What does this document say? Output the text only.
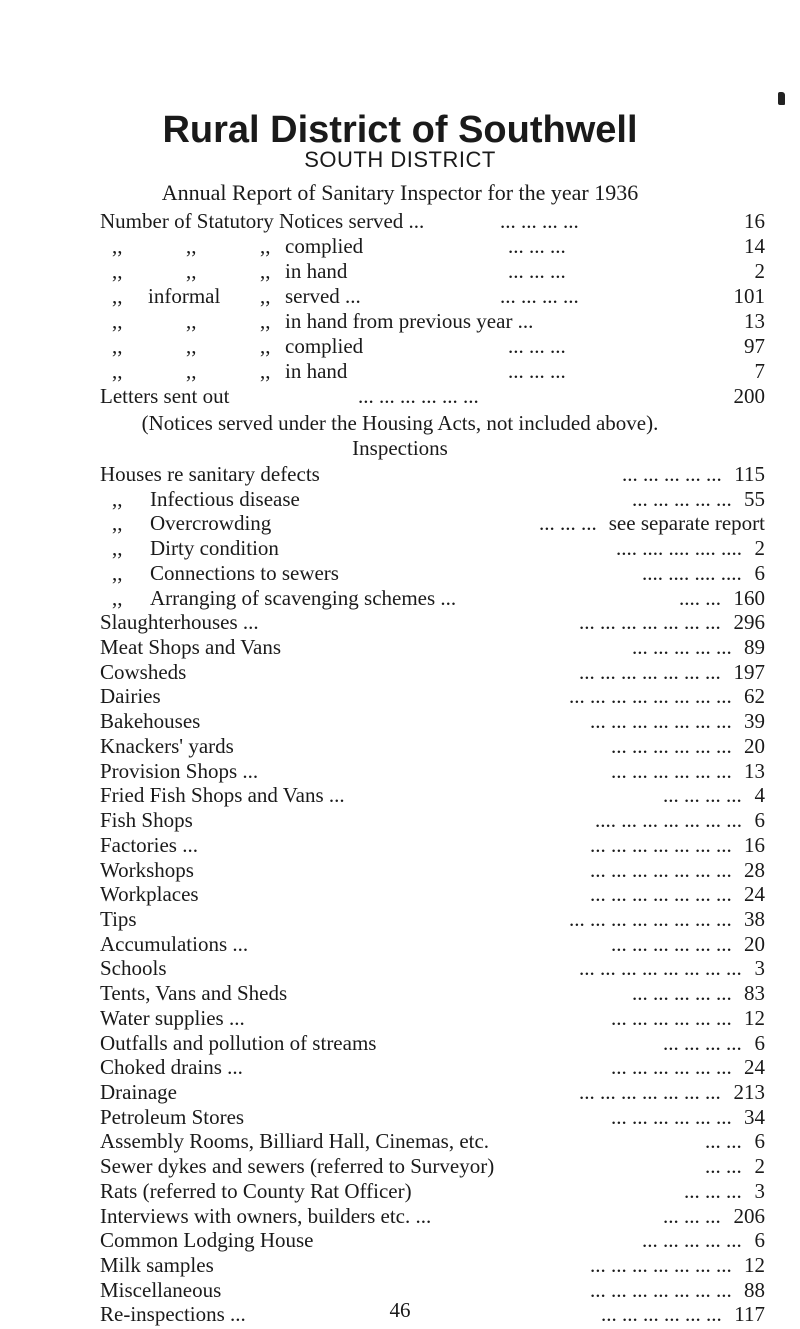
Rural District of Southwell
SOUTH DISTRICT
Annual Report of Sanitary Inspector for the year 1936
Number of Statutory Notices served ...	... ... ... ...	16
,,	,,	,, complied	... ... ...	14
,,	,,	,, in hand	... ... ...	2
,, informal ,, served ...	... ... ... ...	101
,,	,,	,, in hand from previous year ...	13
,,	,,	,, complied	... ... ...	97
,,	,,	,, in hand	... ... ...	7
Letters sent out	... ... ... ... ... ...	200
(Notices served under the Housing Acts, not included above).
Inspections
Houses re sanitary defects	... ... ... ... ... 115
,, Infectious disease	... ... ... ... ... 55
,, Overcrowding	... ... ... see separate report
,, Dirty condition	.... .... .... .... .... 2
,, Connections to sewers	.... .... .... .... 6
,, Arranging of scavenging schemes ...	.... ... 160
Slaughterhouses ...	... ... ... ... ... ... ... 296
Meat Shops and Vans	... ... ... ... ... 89
Cowsheds	... ... ... ... ... ... ... 197
Dairies	... ... ... ... ... ... ... ... 62
Bakehouses	... ... ... ... ... ... ... 39
Knackers' yards	... ... ... ... ... ... 20
Provision Shops ...	... ... ... ... ... ... 13
Fried Fish Shops and Vans ...	... ... ... ... 4
Fish Shops	.... ... ... ... ... ... ... 6
Factories ...	... ... ... ... ... ... ... 16
Workshops	... ... ... ... ... ... ... 28
Workplaces	... ... ... ... ... ... ... 24
Tips	... ... ... ... ... ... ... ... 38
Accumulations ...	... ... ... ... ... ... 20
Schools	... ... ... ... ... ... ... ... 3
Tents, Vans and Sheds	... ... ... ... ... 83
Water supplies ...	... ... ... ... ... ... 12
Outfalls and pollution of streams	... ... ... ... 6
Choked drains ...	... ... ... ... ... ... 24
Drainage	... ... ... ... ... ... ... 213
Petroleum Stores	... ... ... ... ... ... 34
Assembly Rooms, Billiard Hall, Cinemas, etc.	... ... 6
Sewer dykes and sewers (referred to Surveyor)	... ... 2
Rats (referred to County Rat Officer)	... ... ... 3
Interviews with owners, builders etc. ...	... ... ... 206
Common Lodging House	... ... ... ... ... 6
Milk samples	... ... ... ... ... ... ... 12
Miscellaneous	... ... ... ... ... ... ... 88
Re-inspections ...	... ... ... ... ... ... 117
46
